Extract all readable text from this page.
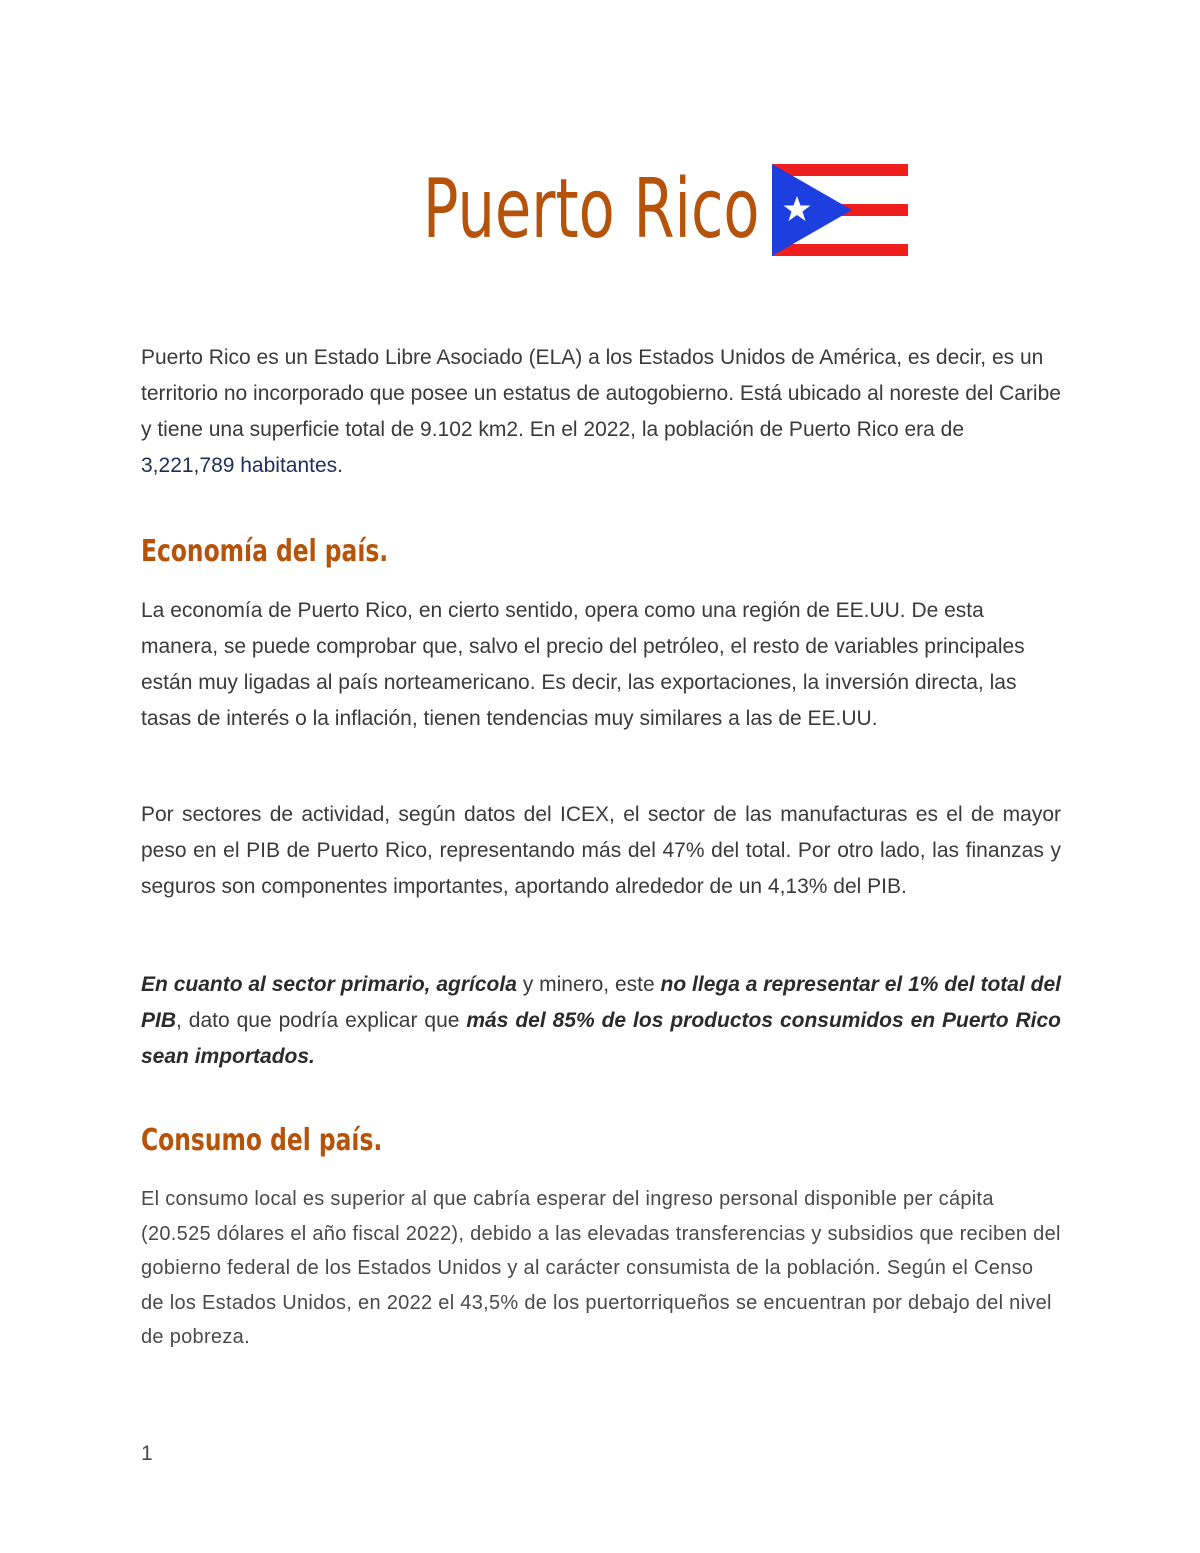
Puerto Rico

Puerto Rico es un Estado Libre Asociado (ELA) a los Estados Unidos de América, es decir, es un territorio no incorporado que posee un estatus de autogobierno. Está ubicado al noreste del Caribe y tiene una superficie total de 9.102 km2. En el 2022, la población de Puerto Rico era de 3,221,789 habitantes.

Economía del país.

La economía de Puerto Rico, en cierto sentido, opera como una región de EE.UU. De esta manera, se puede comprobar que, salvo el precio del petróleo, el resto de variables principales están muy ligadas al país norteamericano. Es decir, las exportaciones, la inversión directa, las tasas de interés o la inflación, tienen tendencias muy similares a las de EE.UU.

Por sectores de actividad, según datos del ICEX, el sector de las manufacturas es el de mayor peso en el PIB de Puerto Rico, representando más del 47% del total. Por otro lado, las finanzas y seguros son componentes importantes, aportando alrededor de un 4,13% del PIB.

En cuanto al sector primario, agrícola y minero, este no llega a representar el 1% del total del PIB, dato que podría explicar que más del 85% de los productos consumidos en Puerto Rico sean importados.

Consumo del país.

El consumo local es superior al que cabría esperar del ingreso personal disponible per cápita (20.525 dólares el año fiscal 2022), debido a las elevadas transferencias y subsidios que reciben del gobierno federal de los Estados Unidos y al carácter consumista de la población. Según el Censo de los Estados Unidos, en 2022 el 43,5% de los puertorriqueños se encuentran por debajo del nivel de pobreza.

1
